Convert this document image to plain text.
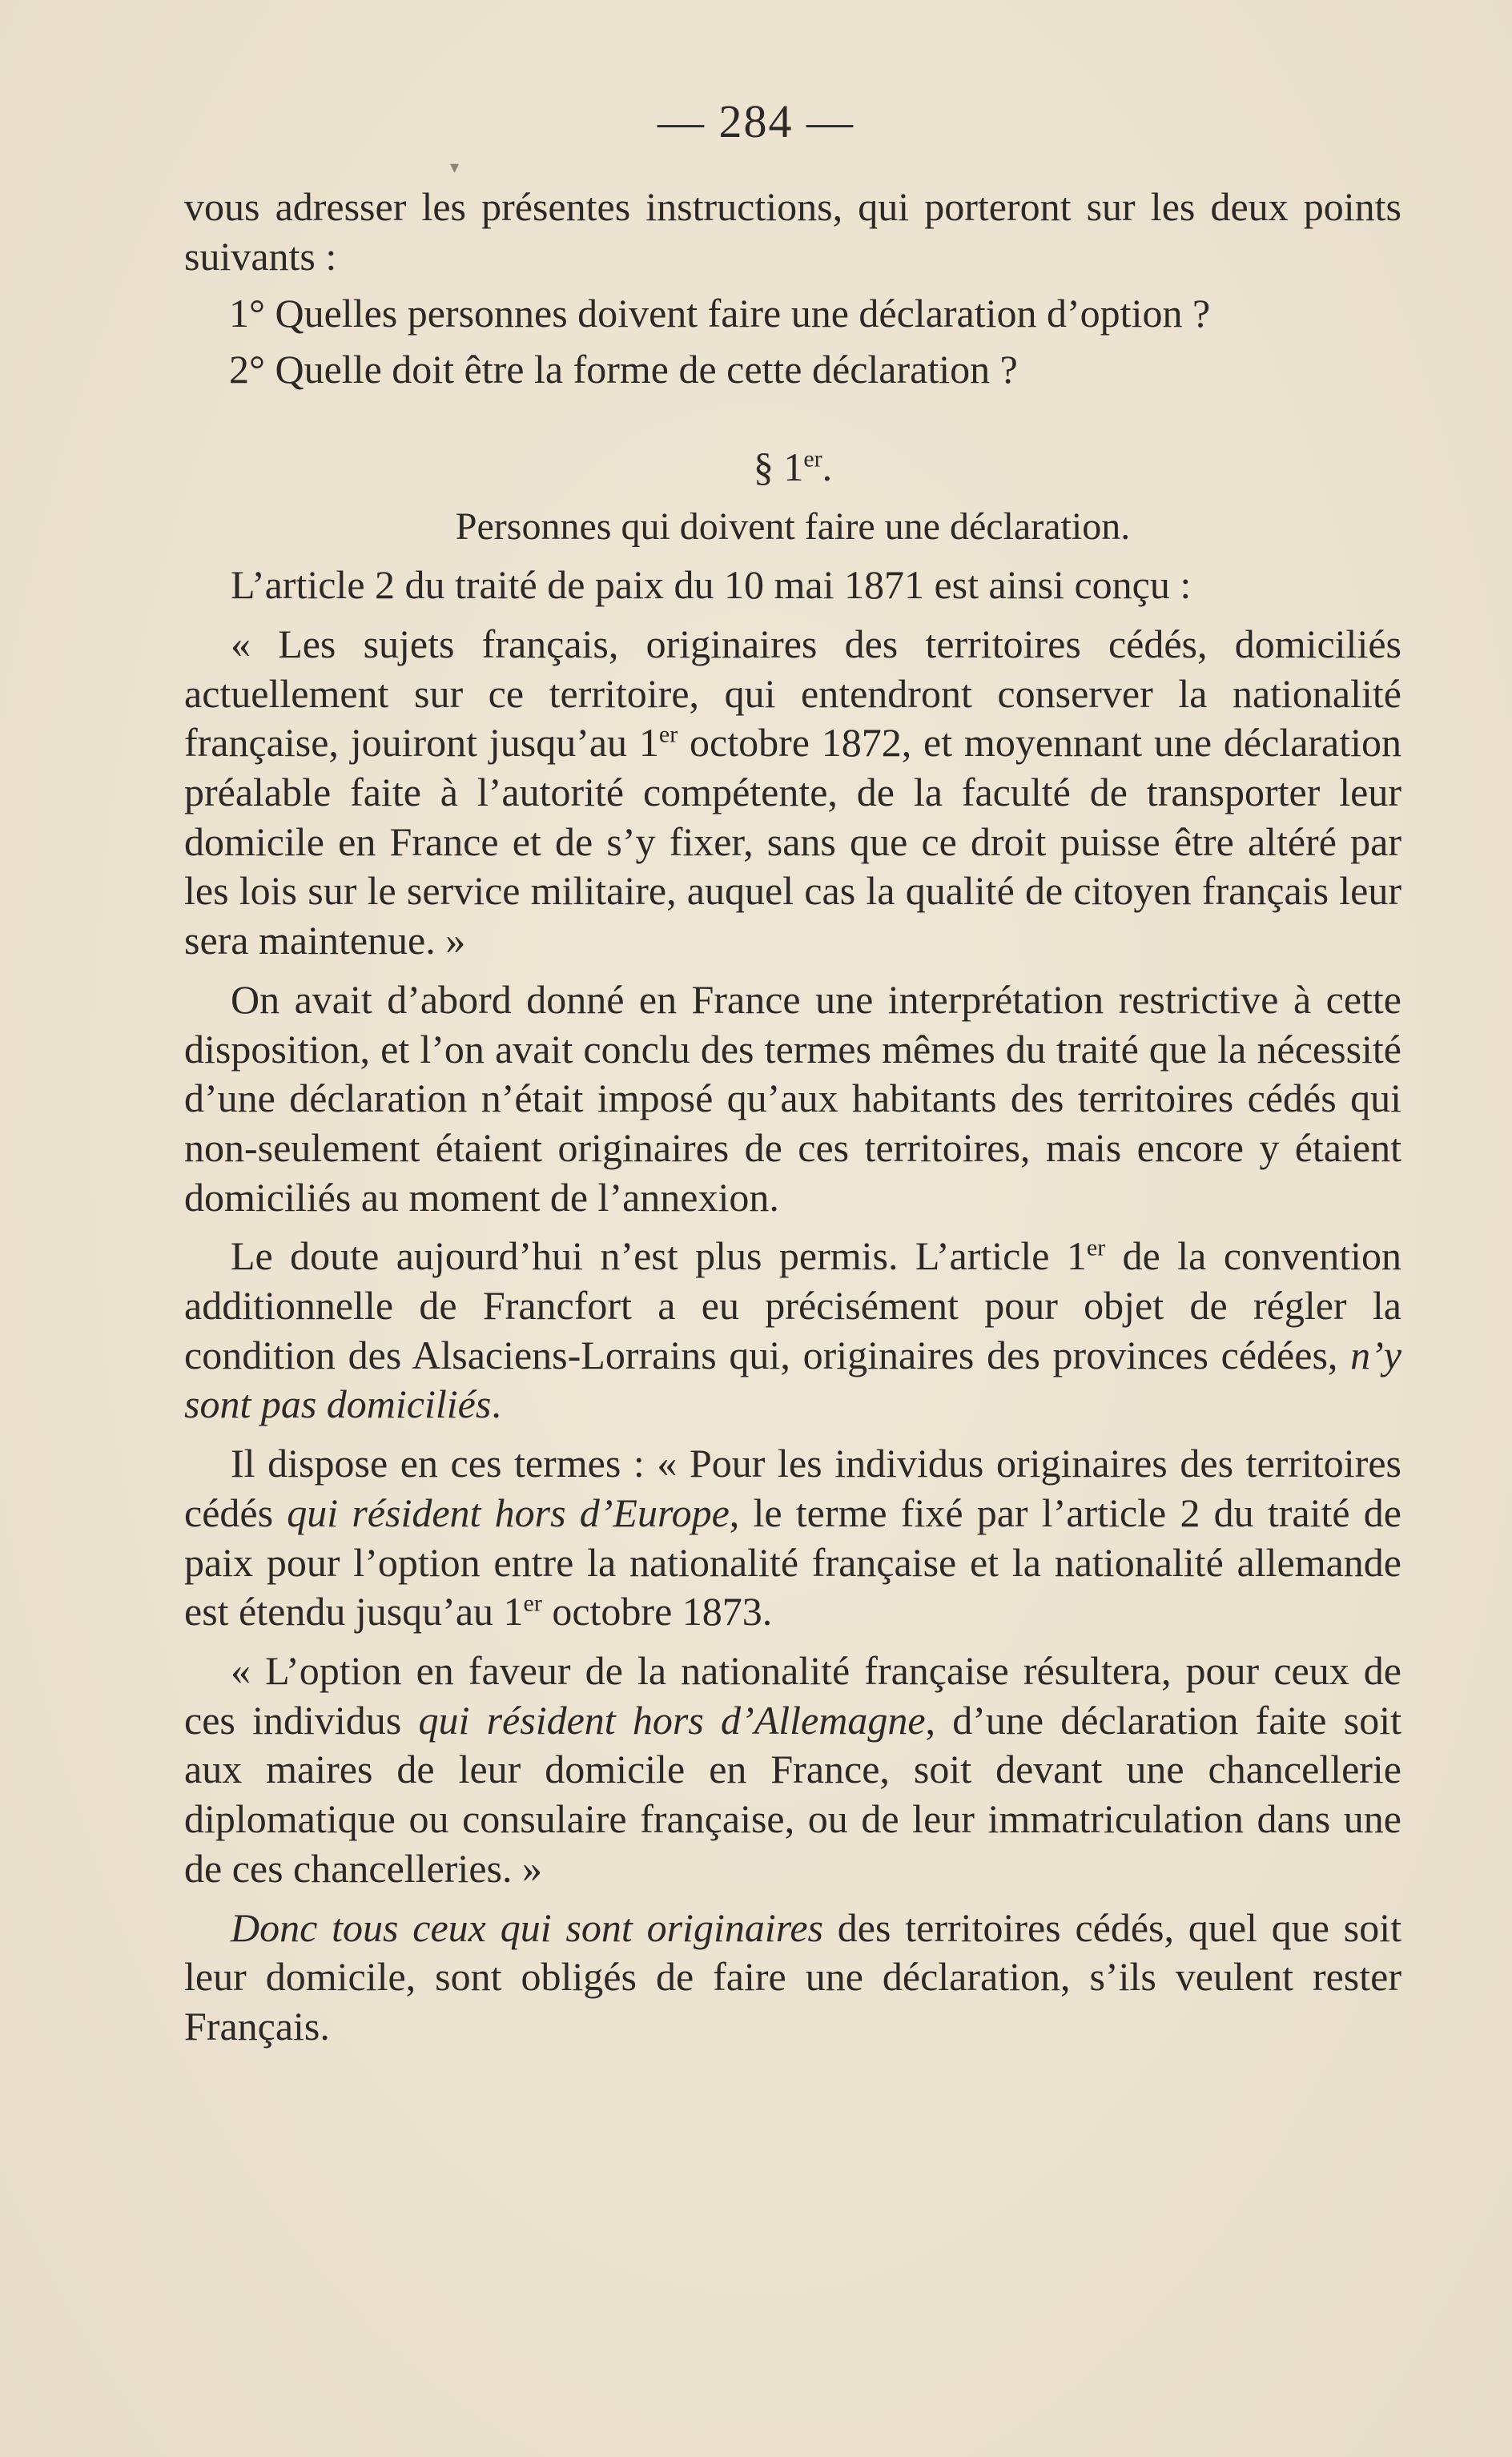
— 284 —
▾

vous adresser les présentes instructions, qui porteront sur les deux points suivants :

1° Quelles personnes doivent faire une déclaration d’option ?

2° Quelle doit être la forme de cette déclaration ?

§ 1er.
Personnes qui doivent faire une déclaration.

L’article 2 du traité de paix du 10 mai 1871 est ainsi conçu :

« Les sujets français, originaires des territoires cédés, domiciliés actuellement sur ce territoire, qui entendront conserver la nationalité française, jouiront jusqu’au 1er octobre 1872, et moyennant une déclaration préalable faite à l’autorité compétente, de la faculté de transporter leur domicile en France et de s’y fixer, sans que ce droit puisse être altéré par les lois sur le service militaire, auquel cas la qualité de citoyen français leur sera maintenue. »

On avait d’abord donné en France une interprétation restrictive à cette disposition, et l’on avait conclu des termes mêmes du traité que la nécessité d’une déclaration n’était imposé qu’aux habitants des territoires cédés qui non-seulement étaient originaires de ces territoires, mais encore y étaient domiciliés au moment de l’annexion.

Le doute aujourd’hui n’est plus permis. L’article 1er de la convention additionnelle de Francfort a eu précisément pour objet de régler la condition des Alsaciens-Lorrains qui, originaires des provinces cédées, n’y sont pas domiciliés.

Il dispose en ces termes : « Pour les individus originaires des territoires cédés qui résident hors d’Europe, le terme fixé par l’article 2 du traité de paix pour l’option entre la nationalité française et la nationalité allemande est étendu jusqu’au 1er octobre 1873.

« L’option en faveur de la nationalité française résultera, pour ceux de ces individus qui résident hors d’Allemagne, d’une déclaration faite soit aux maires de leur domicile en France, soit devant une chancellerie diplomatique ou consulaire française, ou de leur immatriculation dans une de ces chancelleries. »

Donc tous ceux qui sont originaires des territoires cédés, quel que soit leur domicile, sont obligés de faire une déclaration, s’ils veulent rester Français.
